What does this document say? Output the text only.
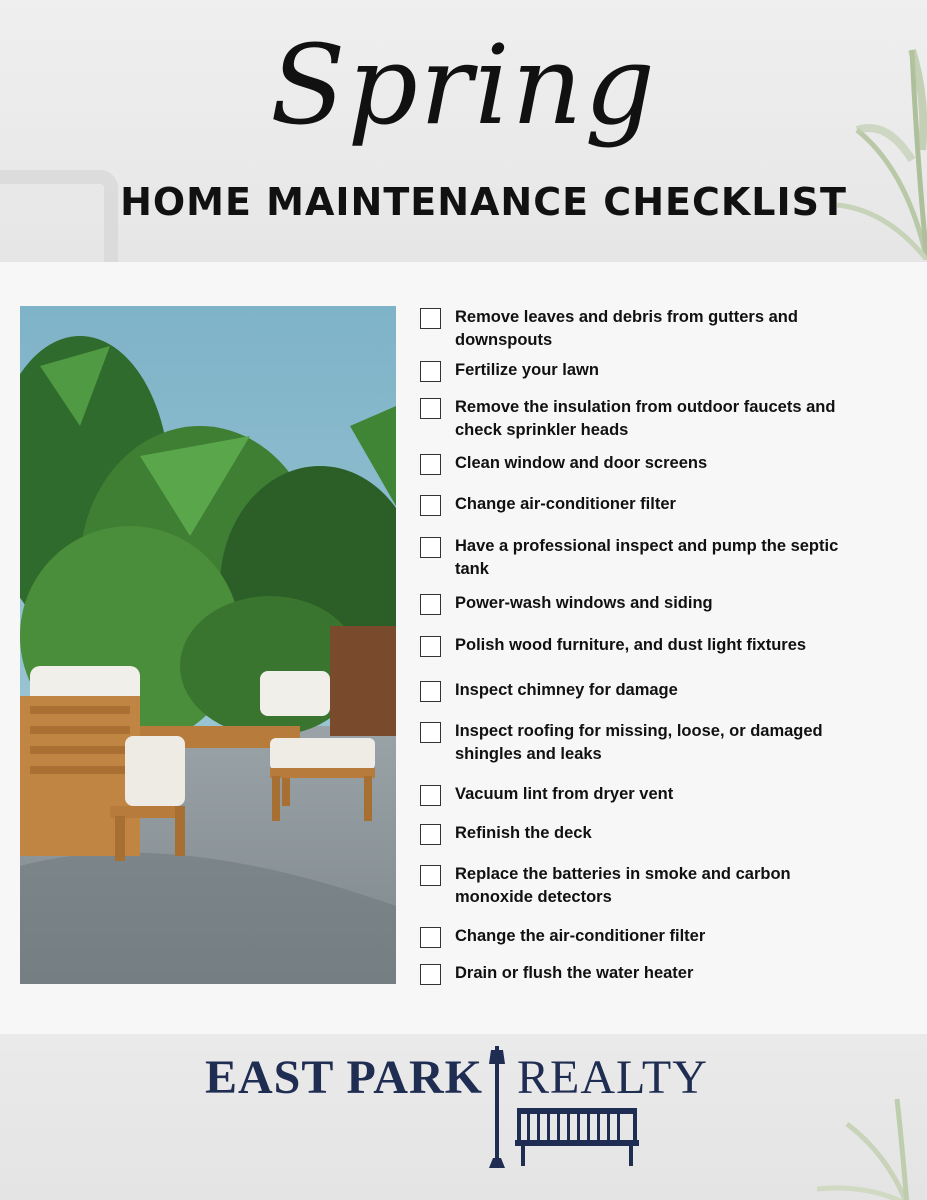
Spring
HOME MAINTENANCE CHECKLIST
Remove leaves and debris from gutters and downspouts
Fertilize your lawn
Remove the insulation from outdoor faucets and check sprinkler heads
Clean window and door screens
Change air-conditioner filter
Have a professional inspect and pump the septic tank
Power-wash windows and siding
Polish wood furniture, and dust light fixtures
Inspect chimney for damage
Inspect roofing for missing, loose, or damaged shingles and leaks
Vacuum lint from dryer vent
Refinish the deck
Replace the batteries in smoke and carbon monoxide detectors
Change the air-conditioner filter
Drain or flush the water heater
EAST PARK REALTY
